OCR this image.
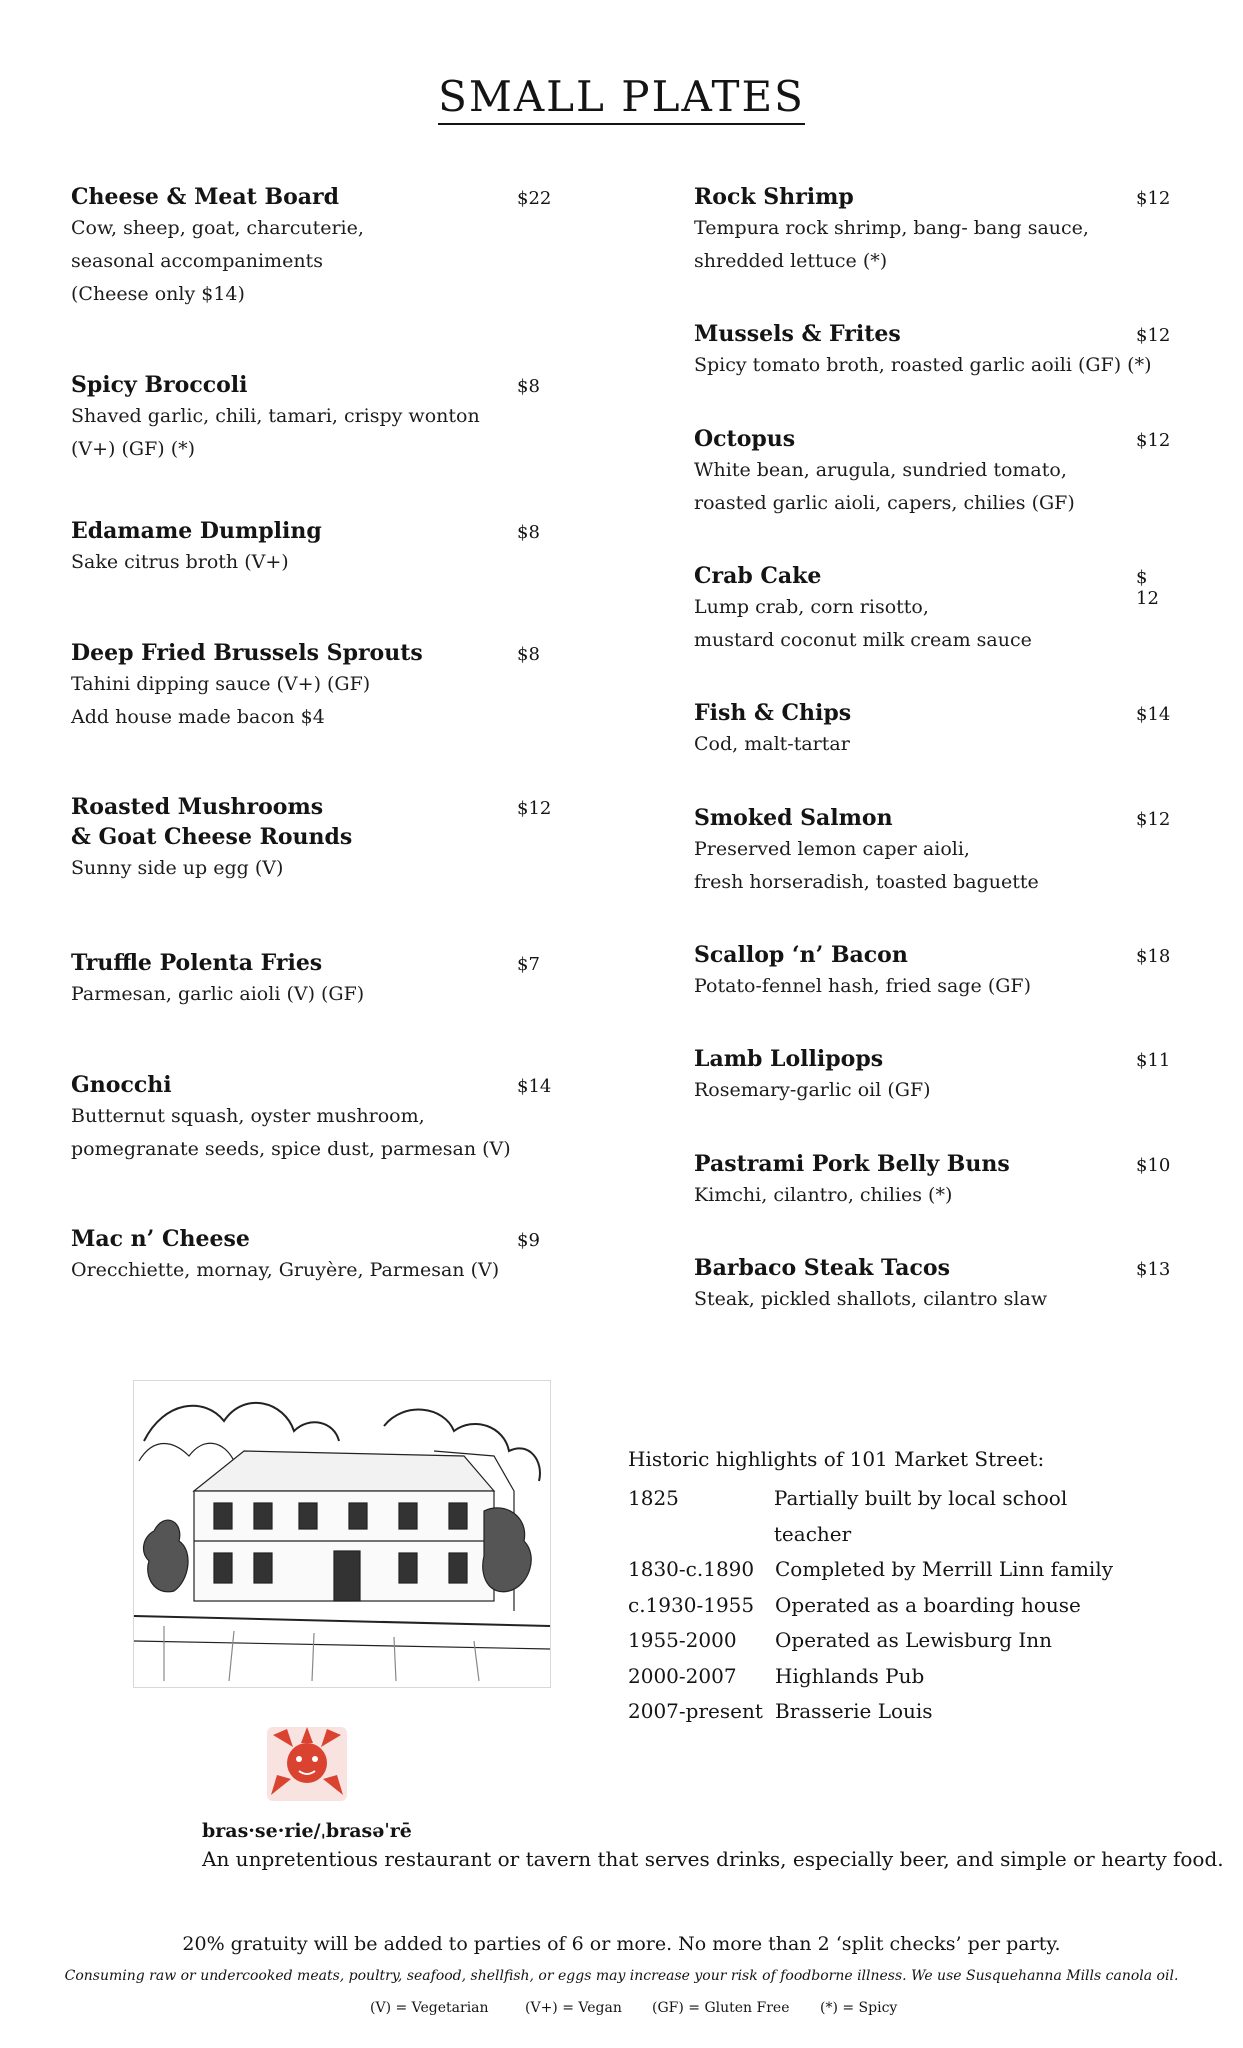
SMALL PLATES
Cheese & Meat Board	$22
Cow, sheep, goat, charcuterie,
seasonal accompaniments
(Cheese only $14)
Spicy Broccoli	$8
Shaved garlic, chili, tamari, crispy wonton
(V+) (GF) (*)
Edamame Dumpling	$8
Sake citrus broth (V+)
Deep Fried Brussels Sprouts	$8
Tahini dipping sauce (V+) (GF)
Add house made bacon $4
Roasted Mushrooms
& Goat Cheese Rounds
$12
Sunny side up egg (V)
Truffle Polenta Fries	$7
Parmesan, garlic aioli (V) (GF)
Gnocchi	$14
Butternut squash, oyster mushroom,
pomegranate seeds, spice dust, parmesan (V)
Mac n’ Cheese	$9
Orecchiette, mornay, Gruyère, Parmesan (V)
Rock Shrimp	$12
Tempura rock shrimp, bang- bang sauce,
shredded lettuce (*)
Mussels & Frites	$12
Spicy tomato broth, roasted garlic aoili (GF) (*)
Octopus	$12
White bean, arugula, sundried tomato,
roasted garlic aioli, capers, chilies (GF)
Crab Cake	$ 12
Lump crab, corn risotto,
mustard coconut milk cream sauce
Fish & Chips	$14
Cod, malt-tartar
Smoked Salmon	$12
Preserved lemon caper aioli,
fresh horseradish, toasted baguette
Scallop ‘n’ Bacon	$18
Potato-fennel hash, fried sage (GF)
Lamb Lollipops	$11
Rosemary-garlic oil (GF)
Pastrami Pork Belly Buns	$10
Kimchi, cilantro, chilies (*)
Barbaco Steak Tacos	$13
Steak, pickled shallots, cilantro slaw
Historic highlights of 101 Market Street:
1825	Partially built by local school teacher
1830-c.1890	Completed by Merrill Linn family
c.1930-1955	Operated as a boarding house
1955-2000	Operated as Lewisburg Inn
2000-2007	Highlands Pub
2007-present Brasserie Louis
bras·se·rie/ˌbrasəˈrē
An unpretentious restaurant or tavern that serves drinks, especially beer, and simple or hearty food.
20% gratuity will be added to parties of 6 or more. No more than 2 ‘split checks’ per party.
Consuming raw or undercooked meats, poultry, seafood, shellfish, or eggs may increase your risk of foodborne illness. We use Susquehanna Mills canola oil.
(V) = Vegetarian	(V+) = Vegan (GF) = Gluten Free (*) = Spicy
